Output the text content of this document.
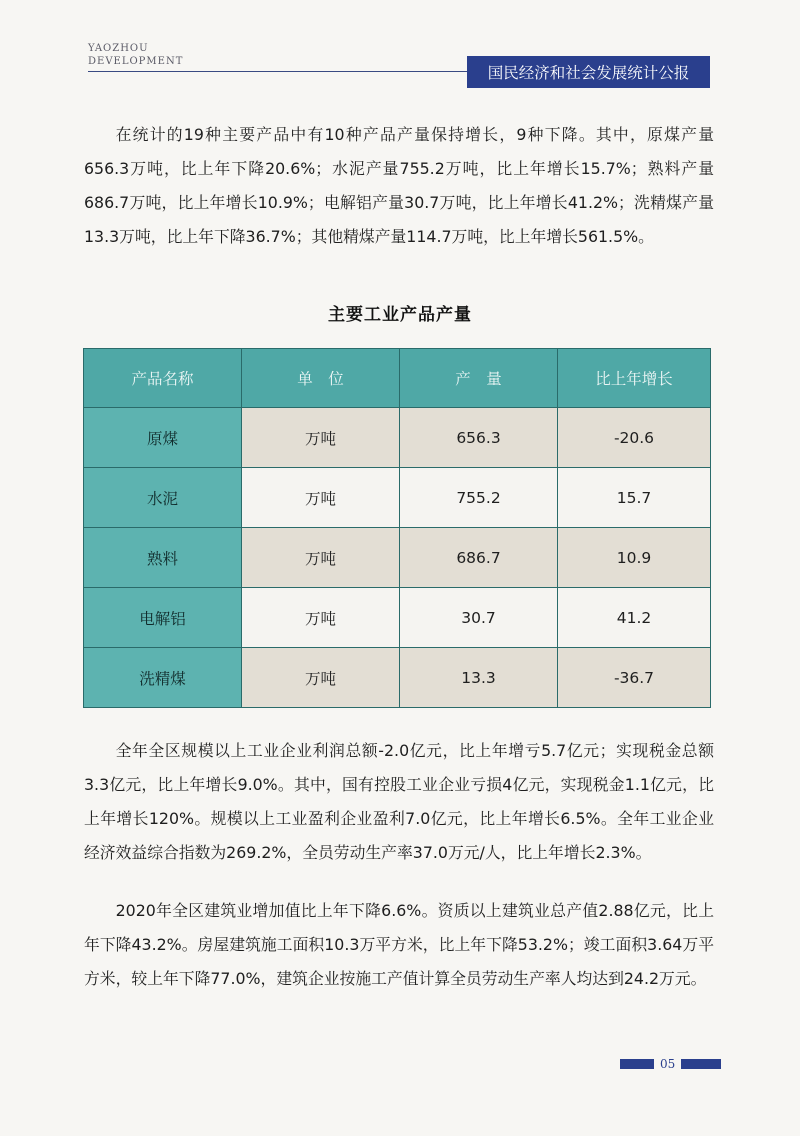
YAOZHOU
DEVELOPMENT
国民经济和社会发展统计公报

在统计的19种主要产品中有10种产品产量保持增长，9种下降。其中，原煤产量656.3万吨，比上年下降20.6%；水泥产量755.2万吨，比上年增长15.7%；熟料产量686.7万吨，比上年增长10.9%；电解铝产量30.7万吨，比上年增长41.2%；洗精煤产量13.3万吨，比上年下降36.7%；其他精煤产量114.7万吨，比上年增长561.5%。

主要工业产品产量
产品名称	单　位	产　量	比上年增长
原煤	万吨	656.3	-20.6
水泥	万吨	755.2	15.7
熟料	万吨	686.7	10.9
电解铝	万吨	30.7	41.2
洗精煤	万吨	13.3	-36.7

全年全区规模以上工业企业利润总额-2.0亿元，比上年增亏5.7亿元；实现税金总额3.3亿元，比上年增长9.0%。其中，国有控股工业企业亏损4亿元，实现税金1.1亿元，比上年增长120%。规模以上工业盈利企业盈利7.0亿元，比上年增长6.5%。全年工业企业经济效益综合指数为269.2%，全员劳动生产率37.0万元/人，比上年增长2.3%。

2020年全区建筑业增加值比上年下降6.6%。资质以上建筑业总产值2.88亿元，比上年下降43.2%。房屋建筑施工面积10.3万平方米，比上年下降53.2%；竣工面积3.64万平方米，较上年下降77.0%，建筑企业按施工产值计算全员劳动生产率人均达到24.2万元。

05
